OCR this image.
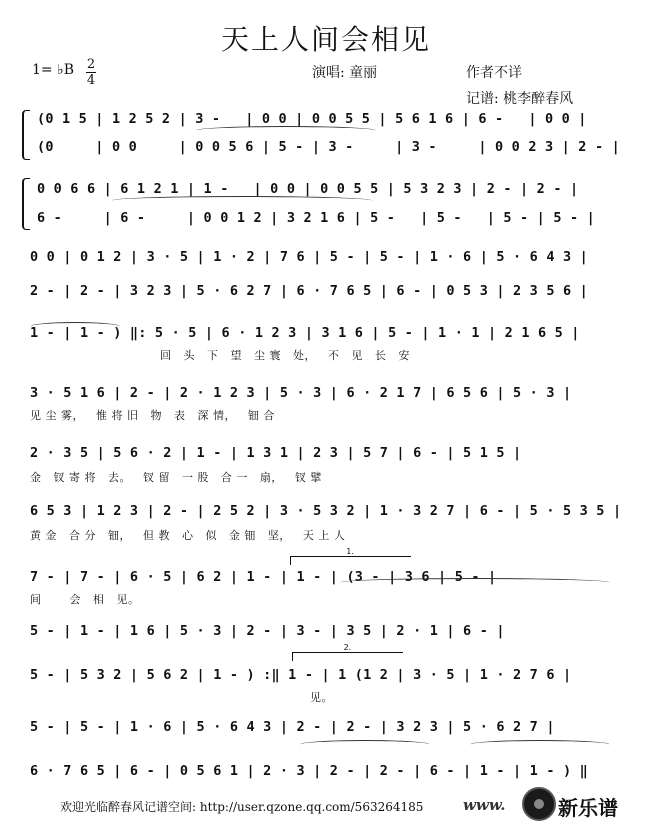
天上人间会相见
1= ♭B 2
4	演唱: 童丽	作者不详
记谱: 桃李醉春风
(0 1 5 | 1 2 5 2 | 3 -   | 0 0 | 0 0 5 5 | 5 6 1 6 | 6 -   | 0 0 |
(0     | 0 0     | 0 0 5 6 | 5 - | 3 -     | 3 -     | 0 0 2 3 | 2 - |
0 0 6 6 | 6 1 2 1 | 1 -   | 0 0 | 0 0 5 5 | 5 3 2 3 | 2 - | 2 - |
6 -     | 6 -     | 0 0 1 2 | 3 2 1 6 | 5 -   | 5 -   | 5 - | 5 - |
0 0 | 0 1 2 | 3 · 5 | 1 · 2 | 7 6 | 5 - | 5 - | 1 · 6 | 5 · 6 4 3 |
2 - | 2 - | 3 2 3 | 5 · 6 2 7 | 6 · 7 6 5 | 6 - | 0 5 3 | 2 3 5 6 |
1 - | 1 - ) ‖: 5 · 5 | 6 · 1 2 3 | 3 1 6 | 5 - | 1 · 1 | 2 1 6 5 |
回   头   下   望   尘 寰   处，   不   见   长   安
3 · 5 1 6 | 2 - | 2 · 1 2 3 | 5 · 3 | 6 · 2 1 7 | 6 5 6 | 5 · 3 |
见 尘 雾，   惟 将 旧   物   表   深 情，   钿 合
2 · 3 5 | 5 6 · 2 | 1 - | 1 3 1 | 2 3 | 5 7 | 6 - | 5 1 5 |
金   钗 寄 将   去。   钗 留   一 股   合 一   扇，   钗 擘
6 5 3 | 1 2 3 | 2 - | 2 5 2 | 3 · 5 3 2 | 1 · 3 2 7 | 6 - | 5 · 5 3 5 |
黄 金   合 分   钿，   但 教   心   似   金 钿   坚，   天 上 人
1.
7 - | 7 - | 6 · 5 | 6 2 | 1 - | 1 - | (3 - | 3 6 | 5 - |
间       会   相   见。
5 - | 1 - | 1 6 | 5 · 3 | 2 - | 3 - | 3 5 | 2 · 1 | 6 - |
2.
5 - | 5 3 2 | 5 6 2 | 1 - ) :‖ 1 - | 1 (1 2 | 3 · 5 | 1 · 2 7 6 |
见。
5 - | 5 - | 1 · 6 | 5 · 6 4 3 | 2 - | 2 - | 3 2 3 | 5 · 6 2 7 |
6 · 7 6 5 | 6 - | 0 5 6 1 | 2 · 3 | 2 - | 2 - | 6 - | 1 - | 1 - ) ‖
欢迎光临醉春风记谱空间: http://user.qzone.qq.com/563264185	www.	新乐谱
